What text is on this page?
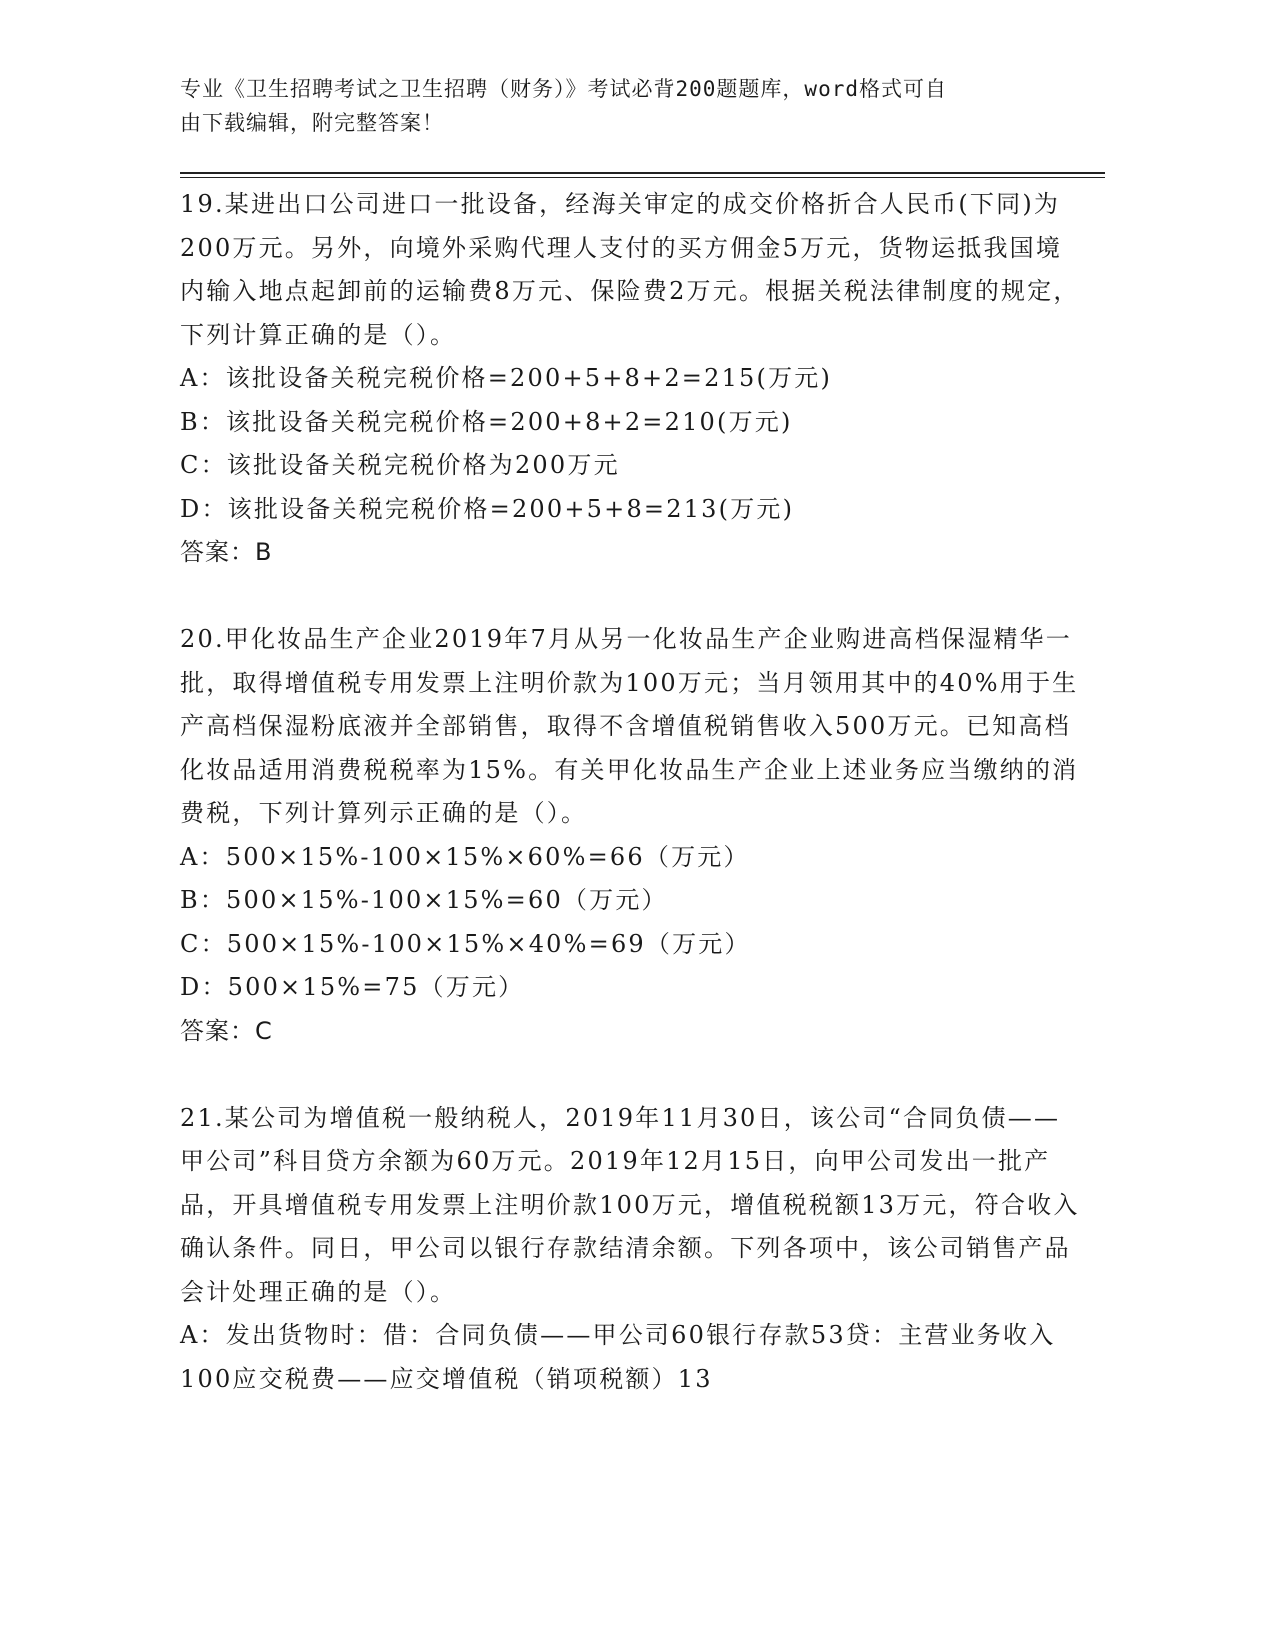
专业《卫生招聘考试之卫生招聘（财务）》考试必背200题题库，word格式可自
由下载编辑，附完整答案！

19.某进出口公司进口一批设备，经海关审定的成交价格折合人民币(下同)为200万元。另外，向境外采购代理人支付的买方佣金5万元，货物运抵我国境内输入地点起卸前的运输费8万元、保险费2万元。根据关税法律制度的规定，下列计算正确的是（）。

A：该批设备关税完税价格=200+5+8+2=215(万元)

B：该批设备关税完税价格=200+8+2=210(万元)

C：该批设备关税完税价格为200万元

D：该批设备关税完税价格=200+5+8=213(万元)

答案：B

20.甲化妆品生产企业2019年7月从另一化妆品生产企业购进高档保湿精华一批，取得增值税专用发票上注明价款为100万元；当月领用其中的40%用于生产高档保湿粉底液并全部销售，取得不含增值税销售收入500万元。已知高档化妆品适用消费税税率为15%。有关甲化妆品生产企业上述业务应当缴纳的消费税，下列计算列示正确的是（）。

A：500×15%-100×15%×60%=66（万元）

B：500×15%-100×15%=60（万元）

C：500×15%-100×15%×40%=69（万元）

D：500×15%=75（万元）

答案：C

21.某公司为增值税一般纳税人，2019年11月30日，该公司“合同负债——甲公司”科目贷方余额为60万元。2019年12月15日，向甲公司发出一批产品，开具增值税专用发票上注明价款100万元，增值税税额13万元，符合收入确认条件。同日，甲公司以银行存款结清余额。下列各项中，该公司销售产品会计处理正确的是（）。

A：发出货物时：借：合同负债——甲公司60银行存款53贷：主营业务收入100应交税费——应交增值税（销项税额）13
